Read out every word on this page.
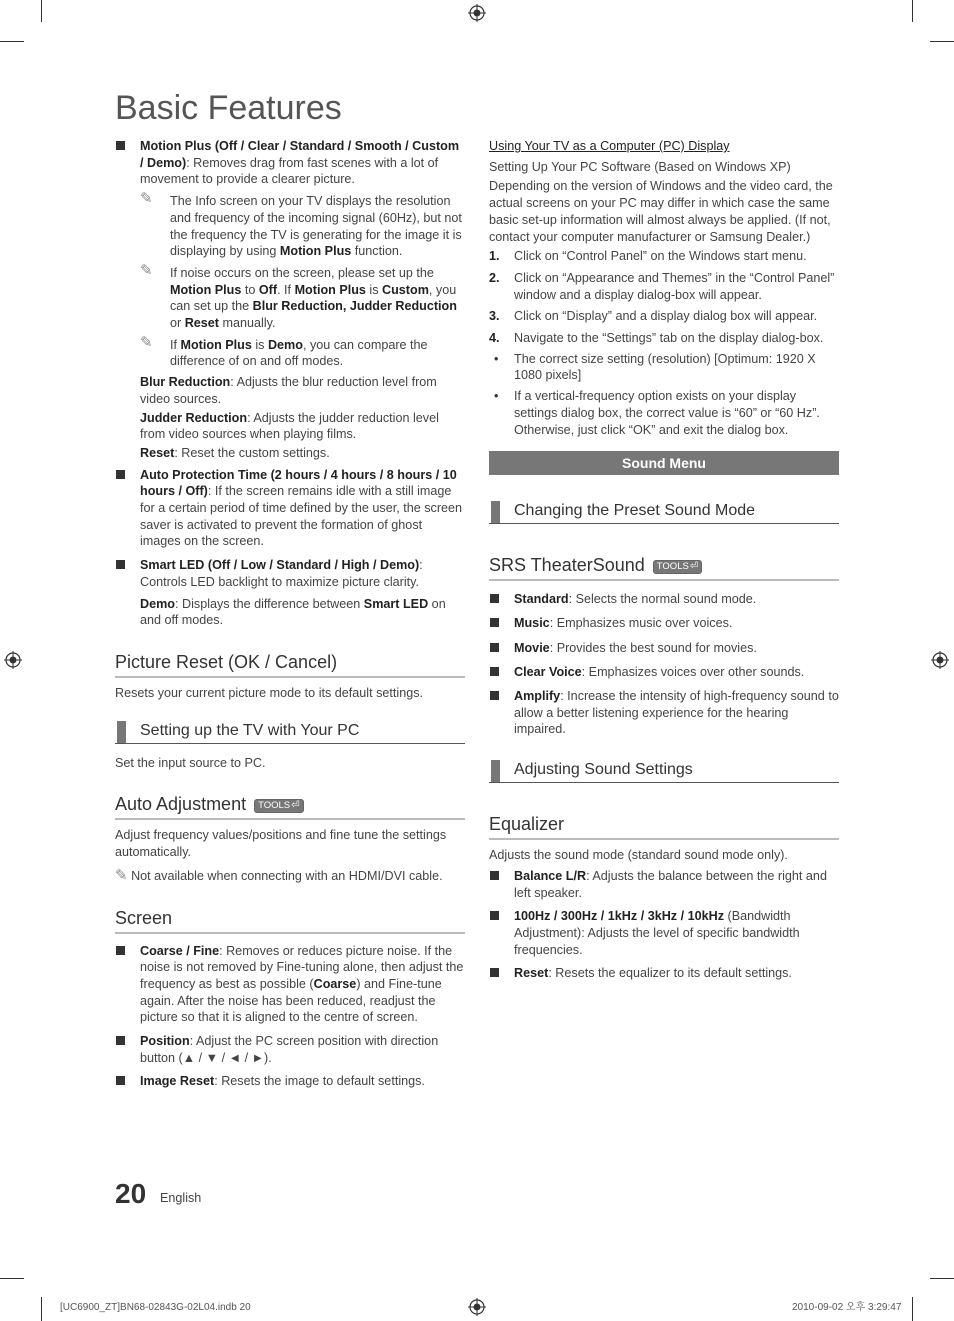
Basic Features

Motion Plus (Off / Clear / Standard / Smooth / Custom / Demo): Removes drag from fast scenes with a lot of movement to provide a clearer picture.

✎ The Info screen on your TV displays the resolution and frequency of the incoming signal (60Hz), but not the frequency the TV is generating for the image it is displaying by using Motion Plus function.

✎ If noise occurs on the screen, please set up the Motion Plus to Off. If Motion Plus is Custom, you can set up the Blur Reduction, Judder Reduction or Reset manually.

✎ If Motion Plus is Demo, you can compare the difference of on and off modes.

Blur Reduction: Adjusts the blur reduction level from video sources.

Judder Reduction: Adjusts the judder reduction level from video sources when playing films.

Reset: Reset the custom settings.

Auto Protection Time (2 hours / 4 hours / 8 hours / 10 hours / Off): If the screen remains idle with a still image for a certain period of time defined by the user, the screen saver is activated to prevent the formation of ghost images on the screen.

Smart LED (Off / Low / Standard / High / Demo): Controls LED backlight to maximize picture clarity.

Demo: Displays the difference between Smart LED on and off modes.

Picture Reset (OK / Cancel)

Resets your current picture mode to its default settings.

Setting up the TV with Your PC

Set the input source to PC.

Auto Adjustment TOOLS⏎

Adjust frequency values/positions and fine tune the settings automatically.

✎ Not available when connecting with an HDMI/DVI cable.

Screen

Coarse / Fine: Removes or reduces picture noise. If the noise is not removed by Fine-tuning alone, then adjust the frequency as best as possible (Coarse) and Fine-tune again. After the noise has been reduced, readjust the picture so that it is aligned to the centre of screen.

Position: Adjust the PC screen position with direction button (▲ / ▼ / ◄ / ►).

Image Reset: Resets the image to default settings.

Using Your TV as a Computer (PC) Display

Setting Up Your PC Software (Based on Windows XP)

Depending on the version of Windows and the video card, the actual screens on your PC may differ in which case the same basic set-up information will almost always be applied. (If not, contact your computer manufacturer or Samsung Dealer.)

1. Click on “Control Panel” on the Windows start menu.

2. Click on “Appearance and Themes” in the “Control Panel” window and a display dialog-box will appear.

3. Click on “Display” and a display dialog box will appear.

4. Navigate to the “Settings” tab on the display dialog-box.

• The correct size setting (resolution) [Optimum: 1920 X 1080 pixels]

• If a vertical-frequency option exists on your display settings dialog box, the correct value is “60” or “60 Hz”. Otherwise, just click “OK” and exit the dialog box.

Sound Menu

Changing the Preset Sound Mode
SRS TheaterSound TOOLS⏎

Standard: Selects the normal sound mode.

Music: Emphasizes music over voices.

Movie: Provides the best sound for movies.

Clear Voice: Emphasizes voices over other sounds.

Amplify: Increase the intensity of high-frequency sound to allow a better listening experience for the hearing impaired.

Adjusting Sound Settings
Equalizer

Adjusts the sound mode (standard sound mode only).

Balance L/R: Adjusts the balance between the right and left speaker.

100Hz / 300Hz / 1kHz / 3kHz / 10kHz (Bandwidth Adjustment): Adjusts the level of specific bandwidth frequencies.

Reset: Resets the equalizer to its default settings.

20 English
[UC6900_ZT]BN68-02843G-02L04.indb 20	2010-09-02 오후 3:29:47
